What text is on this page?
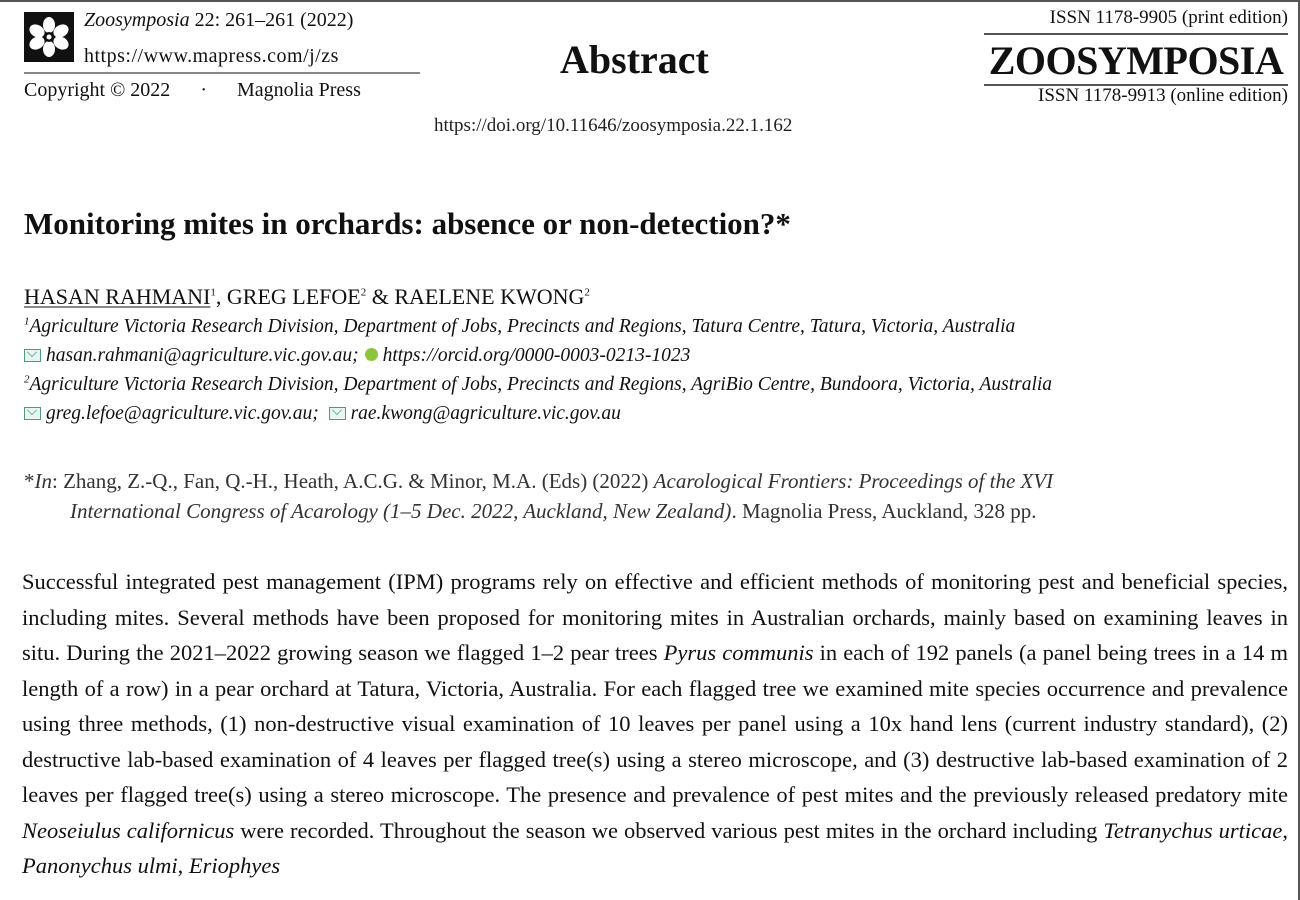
Zoosymposia 22: 261–261 (2022)
https://www.mapress.com/j/zs
Copyright © 2022 · Magnolia Press
Abstract
https://doi.org/10.11646/zoosymposia.22.1.162
ISSN 1178-9905 (print edition)
ZOOSYMPOSIA
ISSN 1178-9913 (online edition)
Monitoring mites in orchards: absence or non-detection?*
HASAN RAHMANI$^1$, GREG LEFOE$^2$ & RAELENE KWONG$^2$
$^1$Agriculture Victoria Research Division, Department of Jobs, Precincts and Regions, Tatura Centre, Tatura, Victoria, Australia
hasan.rahmani@agriculture.vic.gov.au; https://orcid.org/0000-0003-0213-1023
$^2$Agriculture Victoria Research Division, Department of Jobs, Precincts and Regions, AgriBio Centre, Bundoora, Victoria, Australia
greg.lefoe@agriculture.vic.gov.au; rae.kwong@agriculture.vic.gov.au
*In: Zhang, Z.-Q., Fan, Q.-H., Heath, A.C.G. & Minor, M.A. (Eds) (2022) Acarological Frontiers: Proceedings of the XVI
International Congress of Acarology (1–5 Dec. 2022, Auckland, New Zealand). Magnolia Press, Auckland, 328 pp.

Successful integrated pest management (IPM) programs rely on effective and efficient methods of monitoring pest and beneficial species, including mites. Several methods have been proposed for monitoring mites in Australian orchards, mainly based on examining leaves in situ. During the 2021–2022 growing season we flagged 1–2 pear trees Pyrus communis in each of 192 panels (a panel being trees in a 14 m length of a row) in a pear orchard at Tatura, Victoria, Australia. For each flagged tree we examined mite species occurrence and prevalence using three methods, (1) non-destructive visual examination of 10 leaves per panel using a 10x hand lens (current industry standard), (2) destructive lab-based examination of 4 leaves per flagged tree(s) using a stereo microscope, and (3) destructive lab-based examination of 2 leaves per flagged tree(s) using a stereo microscope. The presence and prevalence of pest mites and the previously released predatory mite Neoseiulus californicus were recorded. Throughout the season we observed various pest mites in the orchard including Tetranychus urticae, Panonychus ulmi, Eriophyes
